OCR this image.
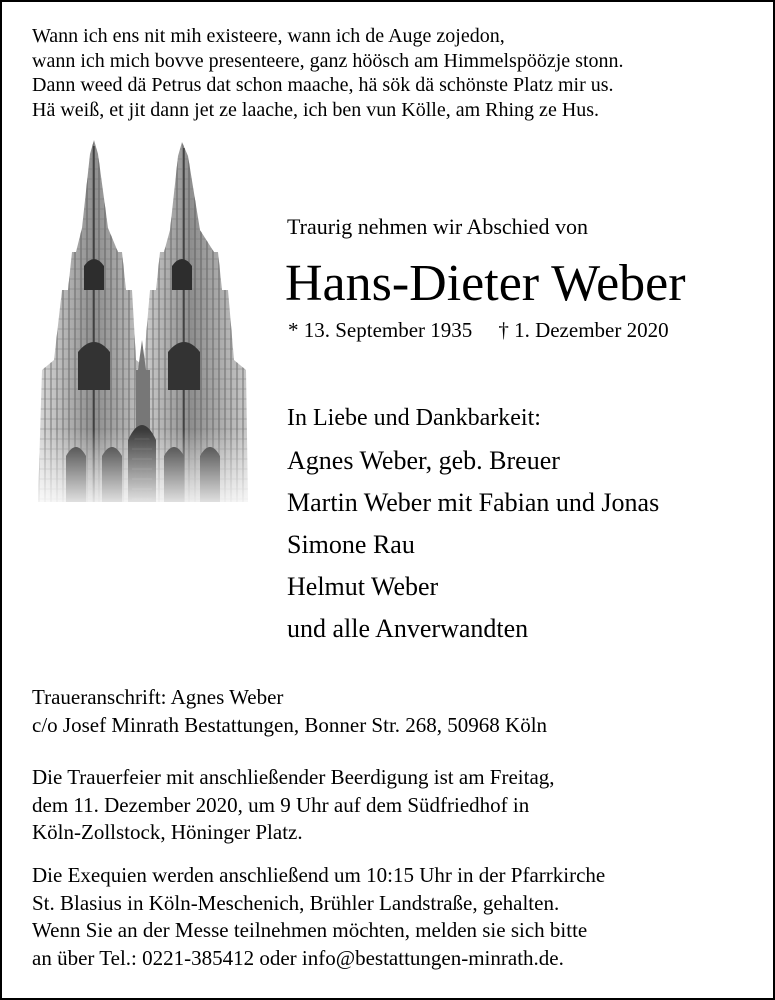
Wann ich ens nit mih existeere, wann ich de Auge zojedon,
wann ich mich bovve presenteere, ganz höösch am Himmelspöözje stonn.
Dann weed dä Petrus dat schon maache, hä sök dä schönste Platz mir us.
Hä weiß, et jit dann jet ze laache, ich ben vun Kölle, am Rhing ze Hus.
Traurig nehmen wir Abschied von
Hans-Dieter Weber
* 13. September 1935 † 1. Dezember 2020
In Liebe und Dankbarkeit:
Agnes Weber, geb. Breuer
Martin Weber mit Fabian und Jonas
Simone Rau
Helmut Weber
und alle Anverwandten
Traueranschrift: Agnes Weber
c/o Josef Minrath Bestattungen, Bonner Str. 268, 50968 Köln
Die Trauerfeier mit anschließender Beerdigung ist am Freitag,
dem 11. Dezember 2020, um 9 Uhr auf dem Südfriedhof in
Köln-Zollstock, Höninger Platz.
Die Exequien werden anschließend um 10:15 Uhr in der Pfarrkirche
St. Blasius in Köln-Meschenich, Brühler Landstraße, gehalten.
Wenn Sie an der Messe teilnehmen möchten, melden sie sich bitte
an über Tel.: 0221-385412 oder info@bestattungen-minrath.de.
